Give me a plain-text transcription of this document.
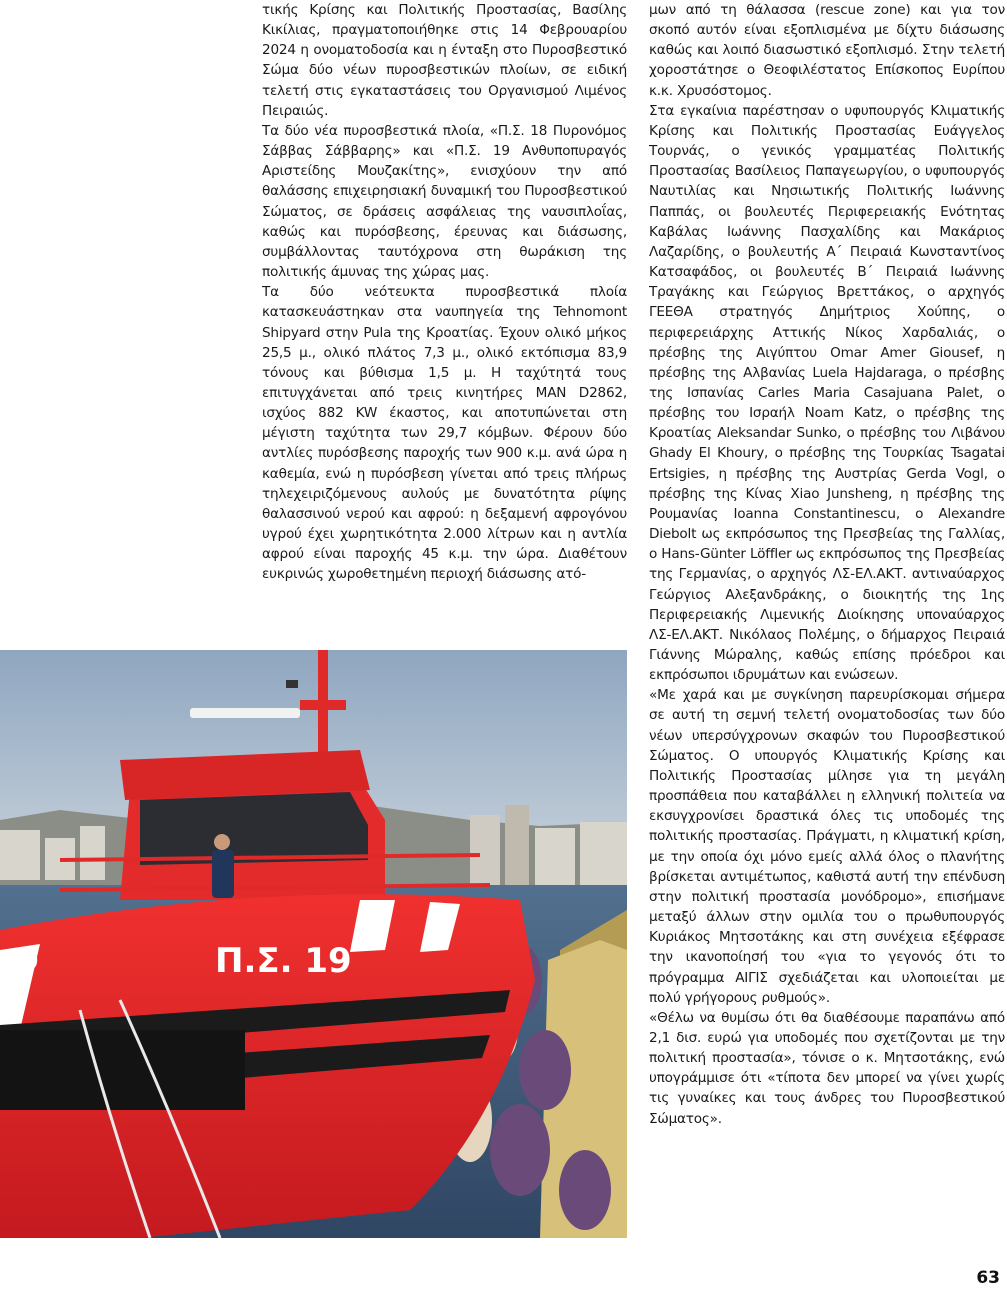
τικής Κρίσης και Πολιτικής Προστασίας, Βασίλης Κικίλιας, πραγματοποιήθηκε στις 14 Φεβρουαρίου 2024 η ονοματοδοσία και η ένταξη στο Πυροσβεστικό Σώμα δύο νέων πυροσβεστικών πλοίων, σε ειδική τελετή στις εγκαταστάσεις του Οργανισμού Λιμένος Πειραιώς.

Τα δύο νέα πυροσβεστικά πλοία, «Π.Σ. 18 Πυρονόμος Σάββας Σάββαρης» και «Π.Σ. 19 Ανθυποπυραγός Αριστείδης Μουζακίτης», ενισχύουν την από θαλάσσης επιχειρησιακή δυναμική του Πυροσβεστικού Σώματος, σε δράσεις ασφάλειας της ναυσιπλοΐας, καθώς και πυρόσβεσης, έρευνας και διάσωσης, συμβάλλοντας ταυτόχρονα στη θωράκιση της πολιτικής άμυνας της χώρας μας.

Τα δύο νεότευκτα πυροσβεστικά πλοία κατασκευάστηκαν στα ναυπηγεία της Tehnomont Shipyard στην Pula της Κροατίας. Έχουν ολικό μήκος 25,5 μ., ολικό πλάτος 7,3 μ., ολικό εκτόπισμα 83,9 τόνους και βύθισμα 1,5 μ. Η ταχύτητά τους επιτυγχάνεται από τρεις κινητήρες MAN D2862, ισχύος 882 KW έκαστος, και αποτυπώνεται στη μέγιστη ταχύτητα των 29,7 κόμβων. Φέρουν δύο αντλίες πυρόσβεσης παροχής των 900 κ.μ. ανά ώρα η καθεμία, ενώ η πυρόσβεση γίνεται από τρεις πλήρως τηλεχειριζόμενους αυλούς με δυνατότητα ρίψης θαλασσινού νερού και αφρού: η δεξαμενή αφρογόνου υγρού έχει χωρητικότητα 2.000 λίτρων και η αντλία αφρού είναι παροχής 45 κ.μ. την ώρα. Διαθέτουν ευκρινώς χωροθετημένη περιοχή διάσωσης ατό-

μων από τη θάλασσα (rescue zone) και για τον σκοπό αυτόν είναι εξοπλισμένα με δίχτυ διάσωσης καθώς και λοιπό διασωστικό εξοπλισμό. Στην τελετή χοροστάτησε ο Θεοφιλέστατος Επίσκοπος Ευρίπου κ.κ. Χρυσόστομος.

Στα εγκαίνια παρέστησαν ο υφυπουργός Κλιματικής Κρίσης και Πολιτικής Προστασίας Ευάγγελος Τουρνάς, ο γενικός γραμματέας Πολιτικής Προστασίας Βασίλειος Παπαγεωργίου, ο υφυπουργός Ναυτιλίας και Νησιωτικής Πολιτικής Ιωάννης Παππάς, οι βουλευτές Περιφερειακής Ενότητας Καβάλας Ιωάννης Πασχαλίδης και Μακάριος Λαζαρίδης, ο βουλευτής Α΄ Πειραιά Κωνσταντίνος Κατσαφάδος, οι βουλευτές Β΄ Πειραιά Ιωάννης Τραγάκης και Γεώργιος Βρεττάκος, ο αρχηγός ΓΕΕΘΑ στρατηγός Δημήτριος Χούπης, ο περιφερειάρχης Αττικής Νίκος Χαρδαλιάς, ο πρέσβης της Αιγύπτου Omar Amer Giousef, η πρέσβης της Αλβανίας Luela Hajdaraga, ο πρέσβης της Ισπανίας Carles Maria Casajuana Palet, ο πρέσβης του Ισραήλ Noam Katz, ο πρέσβης της Κροατίας Aleksandar Sunko, ο πρέσβης του Λιβάνου Ghady El Khoury, ο πρέσβης της Τουρκίας Tsagatai Ertsigies, η πρέσβης της Αυστρίας Gerda Vogl, ο πρέσβης της Κίνας Xiao Junsheng, η πρέσβης της Ρουμανίας Ioanna Constantinescu, ο Alexandre Diebolt ως εκπρόσωπος της Πρεσβείας της Γαλλίας, ο Hans-Günter Löffler ως εκπρόσωπος της Πρεσβείας της Γερμανίας, ο αρχηγός ΛΣ-ΕΛ.ΑΚΤ. αντιναύαρχος Γεώργιος Αλεξανδράκης, ο διοικητής της 1ης Περιφερειακής Λιμενικής Διοίκησης υποναύαρχος ΛΣ-ΕΛ.ΑΚΤ. Νικόλαος Πολέμης, ο δήμαρχος Πειραιά Γιάννης Μώραλης, καθώς επίσης πρόεδροι και εκπρόσωποι ιδρυμάτων και ενώσεων.

«Με χαρά και με συγκίνηση παρευρίσκομαι σήμερα σε αυτή τη σεμνή τελετή ονοματοδοσίας των δύο νέων υπερσύγχρονων σκαφών του Πυροσβεστικού Σώματος. Ο υπουργός Κλιματικής Κρίσης και Πολιτικής Προστασίας μίλησε για τη μεγάλη προσπάθεια που καταβάλλει η ελληνική πολιτεία να εκσυγχρονίσει δραστικά όλες τις υποδομές της πολιτικής προστασίας. Πράγματι, η κλιματική κρίση, με την οποία όχι μόνο εμείς αλλά όλος ο πλανήτης βρίσκεται αντιμέτωπος, καθιστά αυτή την επένδυση στην πολιτική προστασία μονόδρομο», επισήμανε μεταξύ άλλων στην ομιλία του ο πρωθυπουργός Κυριάκος Μητσοτάκης και στη συνέχεια εξέφρασε την ικανοποίησή του «για το γεγονός ότι το πρόγραμμα ΑΙΓΙΣ σχεδιάζεται και υλοποιείται με πολύ γρήγορους ρυθμούς».

«Θέλω να θυμίσω ότι θα διαθέσουμε παραπάνω από 2,1 δισ. ευρώ για υποδομές που σχετίζονται με την πολιτική προστασία», τόνισε ο κ. Μητσοτάκης, ενώ υπογράμμισε ότι «τίποτα δεν μπορεί να γίνει χωρίς τις γυναίκες και τους άνδρες του Πυροσβεστικού Σώματος».

Π.Σ. 19
19
63
